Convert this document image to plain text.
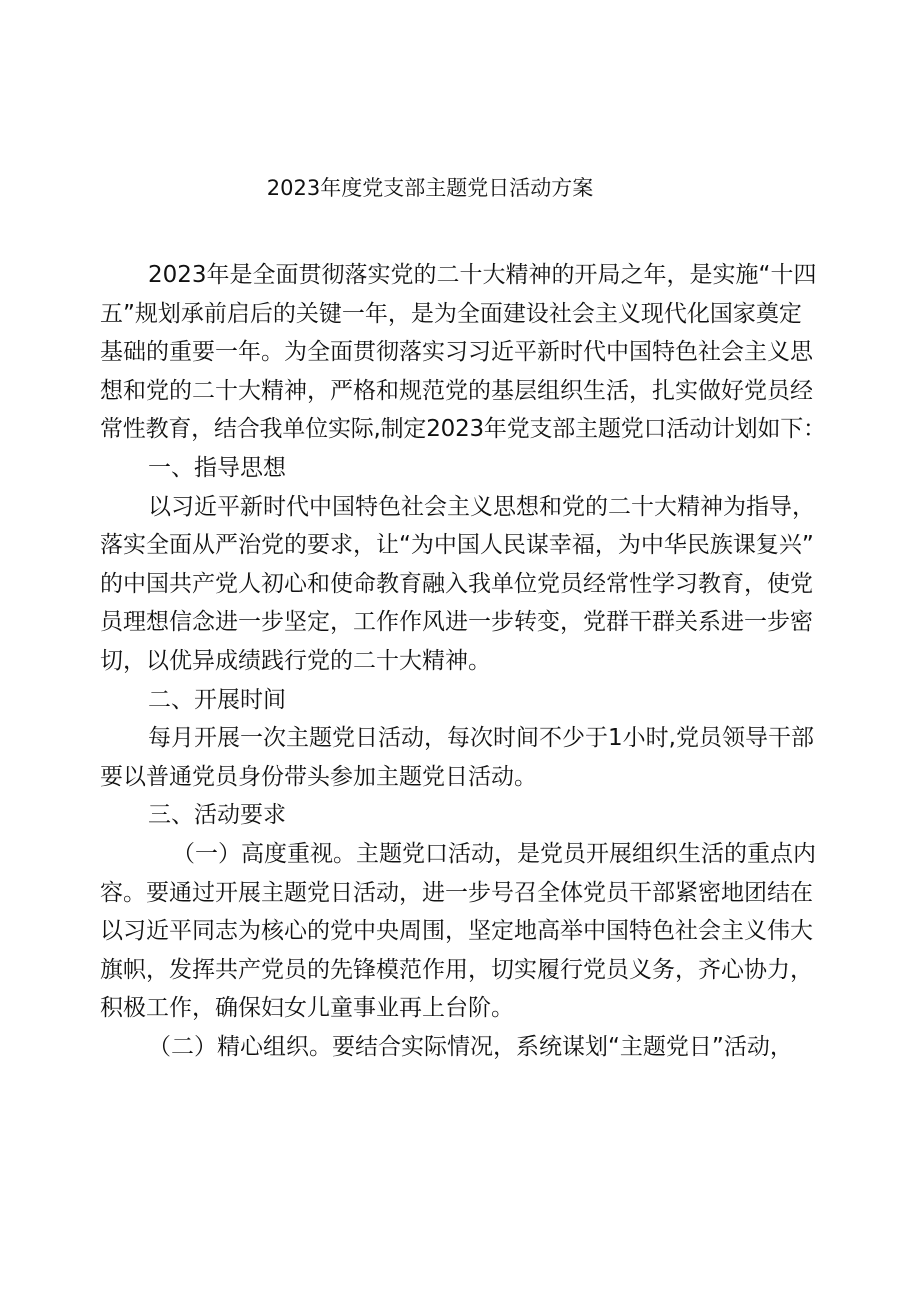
2023年度党支部主题党日活动方案
2023年是全面贯彻落实党的二十大精神的开局之年，是实施“十四
五”规划承前启后的关键一年，是为全面建设社会主义现代化国家奠定
基础的重要一年。为全面贯彻落实习习近平新时代中国特色社会主义思
想和党的二十大精神，严格和规范党的基层组织生活，扎实做好党员经
常性教育，结合我单位实际,制定2023年党支部主题党口活动计划如下：
一、指导思想
以习近平新时代中国特色社会主义思想和党的二十大精神为指导，
落实全面从严治党的要求，让“为中国人民谋幸福，为中华民族课复兴”
的中国共产党人初心和使命教育融入我单位党员经常性学习教育，使党
员理想信念进一步坚定，工作作风进一步转变，党群干群关系进一步密
切，以优异成绩践行党的二十大精神。
二、开展时间
每月开展一次主题党日活动，每次时间不少于1小时,党员领导干部
要以普通党员身份带头参加主题党日活动。
三、活动要求
（一）高度重视。主题党口活动，是党员开展组织生活的重点内
容。要通过开展主题党日活动，进一步号召全体党员干部紧密地团结在
以习近平同志为核心的党中央周围，坚定地高举中国特色社会主义伟大
旗帜，发挥共产党员的先锋模范作用，切实履行党员义务，齐心协力，
积极工作，确保妇女儿童事业再上台阶。
（二）精心组织。要结合实际情况，系统谋划“主题党日”活动，
